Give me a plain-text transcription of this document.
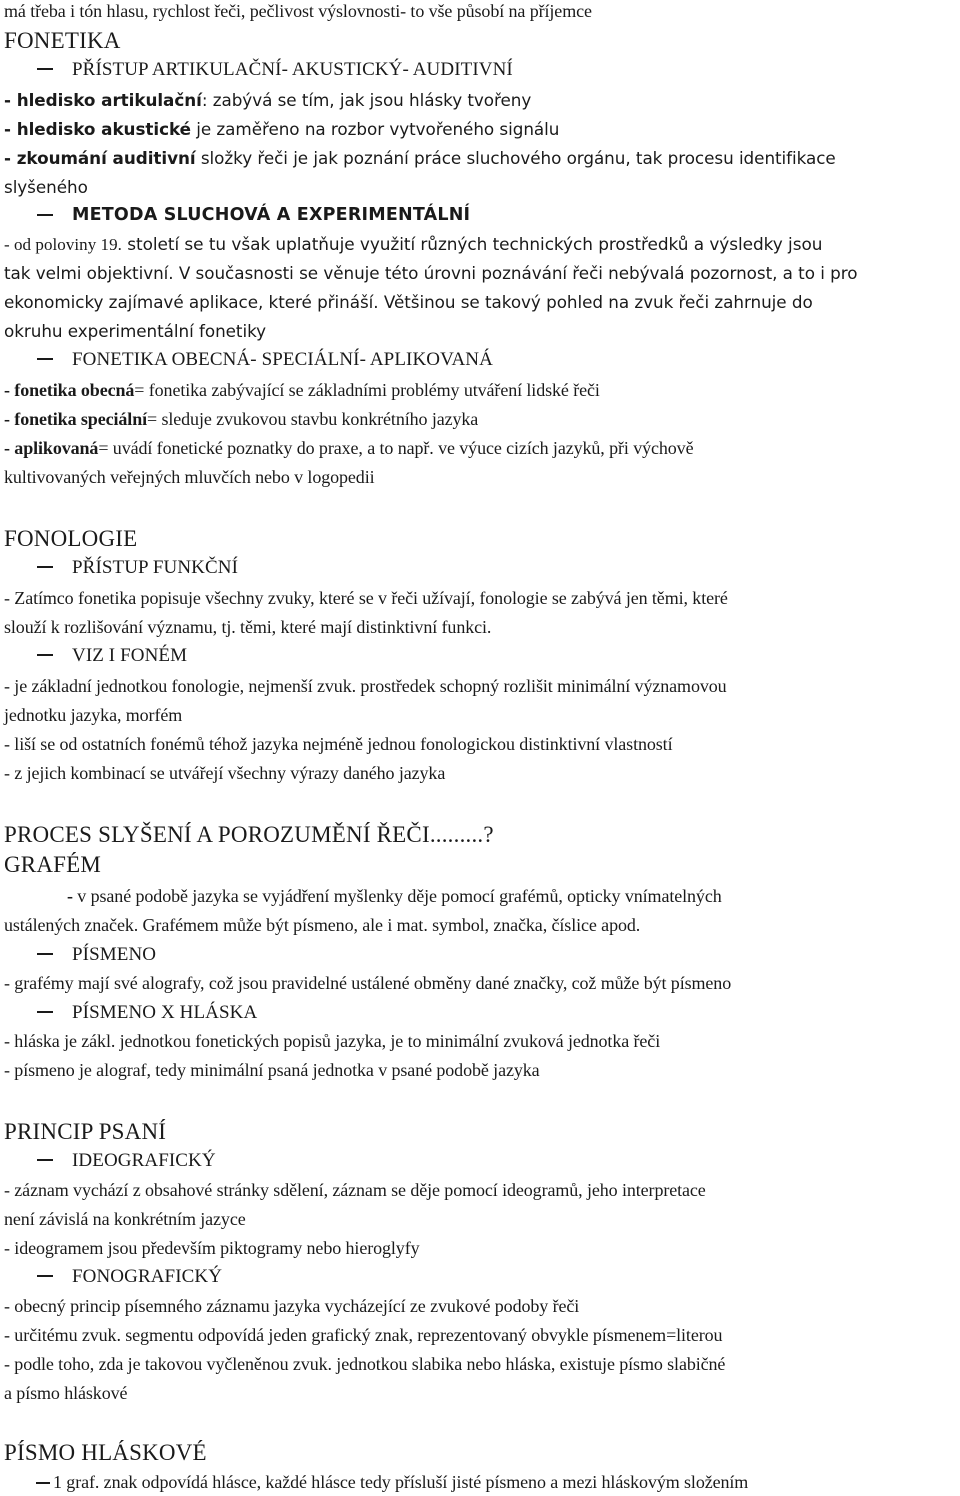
má třeba i tón hlasu, rychlost řeči, pečlivost výslovnosti- to vše působí na příjemce
FONETIKA
PŘÍSTUP ARTIKULAČNÍ- AKUSTICKÝ- AUDITIVNÍ
- hledisko artikulační: zabývá se tím, jak jsou hlásky tvořeny
- hledisko akustické je zaměřeno na rozbor vytvořeného signálu
- zkoumání auditivní složky řeči je jak poznání práce sluchového orgánu, tak procesu identifikace
slyšeného
METODA SLUCHOVÁ A EXPERIMENTÁLNÍ
- od poloviny 19. století se tu však uplatňuje využití různých technických prostředků a výsledky jsou
tak velmi objektivní. V současnosti se věnuje této úrovni poznávání řeči nebývalá pozornost, a to i pro
ekonomicky zajímavé aplikace, které přináší. Většinou se takový pohled na zvuk řeči zahrnuje do
okruhu experimentální fonetiky
FONETIKA OBECNÁ- SPECIÁLNÍ- APLIKOVANÁ
- fonetika obecná= fonetika zabývající se základními problémy utváření lidské řeči
- fonetika speciální= sleduje zvukovou stavbu konkrétního jazyka
- aplikovaná= uvádí fonetické poznatky do praxe, a to např. ve výuce cizích jazyků, při výchově
kultivovaných veřejných mluvčích nebo v logopedii
FONOLOGIE
PŘÍSTUP FUNKČNÍ
- Zatímco fonetika popisuje všechny zvuky, které se v řeči užívají, fonologie se zabývá jen těmi, které
slouží k rozlišování významu, tj. těmi, které mají distinktivní funkci.
VIZ I FONÉM
- je základní jednotkou fonologie, nejmenší zvuk. prostředek schopný rozlišit minimální významovou
jednotku jazyka, morfém
- liší se od ostatních fonémů téhož jazyka nejméně jednou fonologickou distinktivní vlastností
- z jejich kombinací se utvářejí všechny výrazy daného jazyka
PROCES SLYŠENÍ A POROZUMĚNÍ ŘEČI.........?
GRAFÉM
- v psané podobě jazyka se vyjádření myšlenky děje pomocí grafémů, opticky vnímatelných
ustálených značek. Grafémem může být písmeno, ale i mat. symbol, značka, číslice apod.
PÍSMENO
- grafémy mají své alografy, což jsou pravidelné ustálené obměny dané značky, což může být písmeno
PÍSMENO X HLÁSKA
- hláska je zákl. jednotkou fonetických popisů jazyka, je to minimální zvuková jednotka řeči
- písmeno je alograf, tedy minimální psaná jednotka v psané podobě jazyka
PRINCIP PSANÍ
IDEOGRAFICKÝ
- záznam vychází z obsahové stránky sdělení, záznam se děje pomocí ideogramů, jeho interpretace
není závislá na konkrétním jazyce
- ideogramem jsou především piktogramy nebo hieroglyfy
FONOGRAFICKÝ
- obecný princip písemného záznamu jazyka vycházející ze zvukové podoby řeči
- určitému zvuk. segmentu odpovídá jeden grafický znak, reprezentovaný obvykle písmenem=literou
- podle toho, zda je takovou vyčleněnou zvuk. jednotkou slabika nebo hláska, existuje písmo slabičné
a písmo hláskové
PÍSMO HLÁSKOVÉ
1 graf. znak odpovídá hlásce, každé hlásce tedy přísluší jisté písmeno a mezi hláskovým složením
